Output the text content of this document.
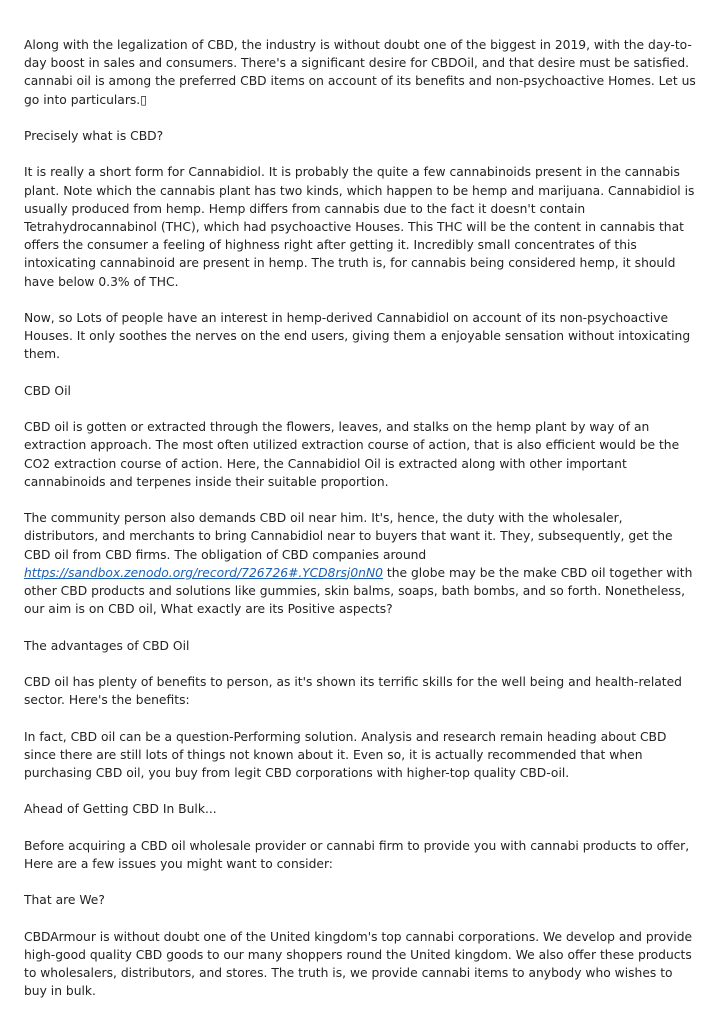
Along with the legalization of CBD, the industry is without doubt one of the biggest in 2019, with the day-to-day boost in sales and consumers. There's a significant desire for CBDOil, and that desire must be satisfied. cannabi oil is among the preferred CBD items on account of its benefits and non-psychoactive Homes. Let us go into particulars.▯

Precisely what is CBD?

It is really a short form for Cannabidiol. It is probably the quite a few cannabinoids present in the cannabis plant. Note which the cannabis plant has two kinds, which happen to be hemp and marijuana. Cannabidiol is usually produced from hemp. Hemp differs from cannabis due to the fact it doesn't contain Tetrahydrocannabinol (THC), which had psychoactive Houses. This THC will be the content in cannabis that offers the consumer a feeling of highness right after getting it. Incredibly small concentrates of this intoxicating cannabinoid are present in hemp. The truth is, for cannabis being considered hemp, it should have below 0.3% of THC.

Now, so Lots of people have an interest in hemp-derived Cannabidiol on account of its non-psychoactive Houses. It only soothes the nerves on the end users, giving them a enjoyable sensation without intoxicating them.

CBD Oil

CBD oil is gotten or extracted through the flowers, leaves, and stalks on the hemp plant by way of an extraction approach. The most often utilized extraction course of action, that is also efficient would be the CO2 extraction course of action. Here, the Cannabidiol Oil is extracted along with other important cannabinoids and terpenes inside their suitable proportion.

The community person also demands CBD oil near him. It's, hence, the duty with the wholesaler, distributors, and merchants to bring Cannabidiol near to buyers that want it. They, subsequently, get the CBD oil from CBD firms. The obligation of CBD companies around https://sandbox.zenodo.org/record/726726#.YCD8rsj0nN0 the globe may be the make CBD oil together with other CBD products and solutions like gummies, skin balms, soaps, bath bombs, and so forth. Nonetheless, our aim is on CBD oil, What exactly are its Positive aspects?

The advantages of CBD Oil

CBD oil has plenty of benefits to person, as it's shown its terrific skills for the well being and health-related sector. Here's the benefits:

In fact, CBD oil can be a question-Performing solution. Analysis and research remain heading about CBD since there are still lots of things not known about it. Even so, it is actually recommended that when purchasing CBD oil, you buy from legit CBD corporations with higher-top quality CBD-oil.

Ahead of Getting CBD In Bulk...

Before acquiring a CBD oil wholesale provider or cannabi firm to provide you with cannabi products to offer, Here are a few issues you might want to consider:

That are We?

CBDArmour is without doubt one of the United kingdom's top cannabi corporations. We develop and provide high-good quality CBD goods to our many shoppers round the United kingdom. We also offer these products to wholesalers, distributors, and stores. The truth is, we provide cannabi items to anybody who wishes to buy in bulk.
